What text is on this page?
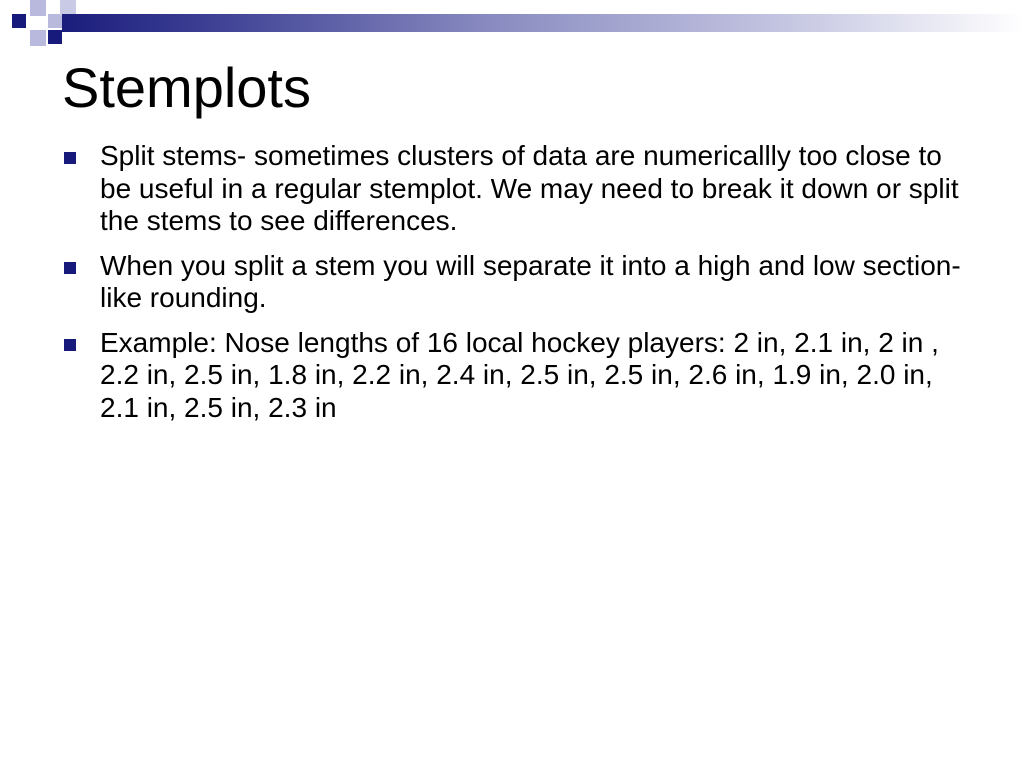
Stemplots
Split stems- sometimes clusters of data are numericallly too close to be useful in a regular stemplot. We may need to break it down or split the stems to see differences.
When you split a stem you will separate it into a high and low section- like rounding.
Example: Nose lengths of 16 local hockey players: 2 in, 2.1 in, 2 in , 2.2 in, 2.5 in, 1.8 in, 2.2 in, 2.4 in, 2.5 in, 2.5 in, 2.6 in, 1.9 in, 2.0 in, 2.1 in, 2.5 in, 2.3 in
